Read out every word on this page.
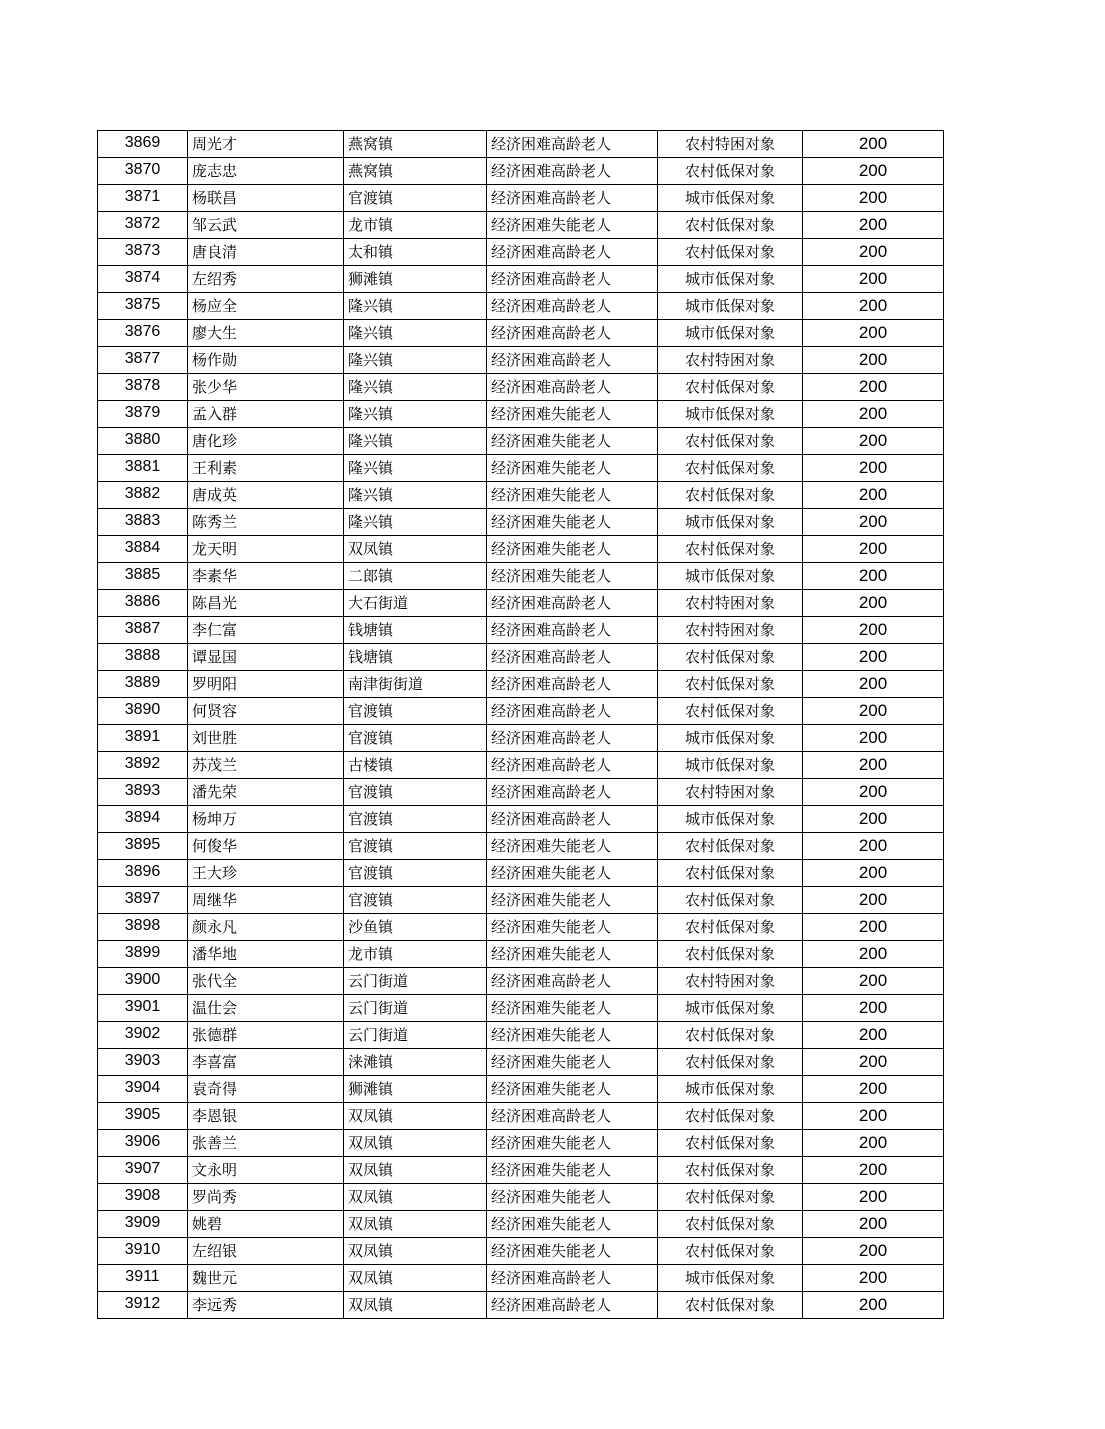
3869	周光才	燕窝镇	经济困难高龄老人	农村特困对象	200
3870	庞志忠	燕窝镇	经济困难高龄老人	农村低保对象	200
3871	杨联昌	官渡镇	经济困难高龄老人	城市低保对象	200
3872	邹云武	龙市镇	经济困难失能老人	农村低保对象	200
3873	唐良清	太和镇	经济困难高龄老人	农村低保对象	200
3874	左绍秀	狮滩镇	经济困难高龄老人	城市低保对象	200
3875	杨应全	隆兴镇	经济困难高龄老人	城市低保对象	200
3876	廖大生	隆兴镇	经济困难高龄老人	城市低保对象	200
3877	杨作勋	隆兴镇	经济困难高龄老人	农村特困对象	200
3878	张少华	隆兴镇	经济困难高龄老人	农村低保对象	200
3879	孟入群	隆兴镇	经济困难失能老人	城市低保对象	200
3880	唐化珍	隆兴镇	经济困难失能老人	农村低保对象	200
3881	王利素	隆兴镇	经济困难失能老人	农村低保对象	200
3882	唐成英	隆兴镇	经济困难失能老人	农村低保对象	200
3883	陈秀兰	隆兴镇	经济困难失能老人	城市低保对象	200
3884	龙天明	双凤镇	经济困难失能老人	农村低保对象	200
3885	李素华	二郎镇	经济困难失能老人	城市低保对象	200
3886	陈昌光	大石街道	经济困难高龄老人	农村特困对象	200
3887	李仁富	钱塘镇	经济困难高龄老人	农村特困对象	200
3888	谭显国	钱塘镇	经济困难高龄老人	农村低保对象	200
3889	罗明阳	南津街街道	经济困难高龄老人	农村低保对象	200
3890	何贤容	官渡镇	经济困难高龄老人	农村低保对象	200
3891	刘世胜	官渡镇	经济困难高龄老人	城市低保对象	200
3892	苏茂兰	古楼镇	经济困难高龄老人	城市低保对象	200
3893	潘先荣	官渡镇	经济困难高龄老人	农村特困对象	200
3894	杨坤万	官渡镇	经济困难高龄老人	城市低保对象	200
3895	何俊华	官渡镇	经济困难失能老人	农村低保对象	200
3896	王大珍	官渡镇	经济困难失能老人	农村低保对象	200
3897	周继华	官渡镇	经济困难失能老人	农村低保对象	200
3898	颜永凡	沙鱼镇	经济困难失能老人	农村低保对象	200
3899	潘华地	龙市镇	经济困难失能老人	农村低保对象	200
3900	张代全	云门街道	经济困难高龄老人	农村特困对象	200
3901	温仕会	云门街道	经济困难失能老人	城市低保对象	200
3902	张德群	云门街道	经济困难失能老人	农村低保对象	200
3903	李喜富	涞滩镇	经济困难失能老人	农村低保对象	200
3904	袁奇得	狮滩镇	经济困难失能老人	城市低保对象	200
3905	李恩银	双凤镇	经济困难高龄老人	农村低保对象	200
3906	张善兰	双凤镇	经济困难失能老人	农村低保对象	200
3907	文永明	双凤镇	经济困难失能老人	农村低保对象	200
3908	罗尚秀	双凤镇	经济困难失能老人	农村低保对象	200
3909	姚碧	双凤镇	经济困难失能老人	农村低保对象	200
3910	左绍银	双凤镇	经济困难失能老人	农村低保对象	200
3911	魏世元	双凤镇	经济困难高龄老人	城市低保对象	200
3912	李远秀	双凤镇	经济困难高龄老人	农村低保对象	200
